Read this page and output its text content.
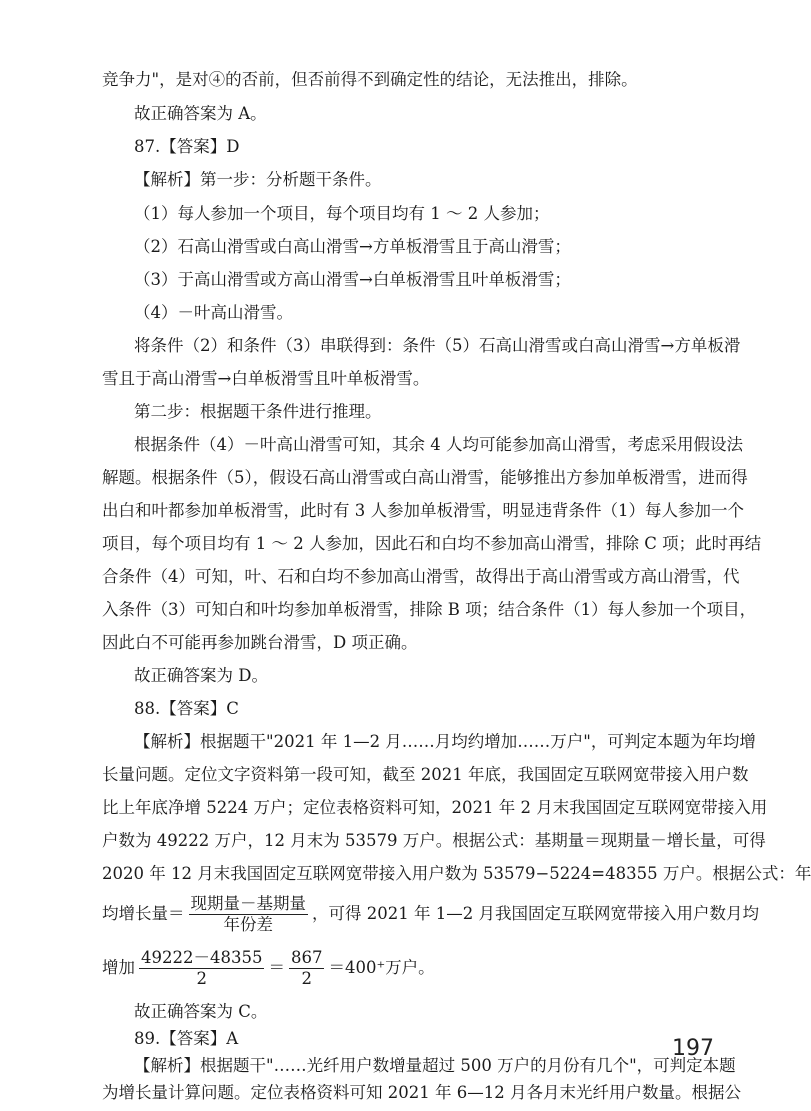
竞争力"，是对④的否前，但否前得不到确定性的结论，无法推出，排除。
故正确答案为 A。
87.【答案】D
【解析】第一步：分析题干条件。
（1）每人参加一个项目，每个项目均有 1 ～ 2 人参加；
（2）石高山滑雪或白高山滑雪→方单板滑雪且于高山滑雪；
（3）于高山滑雪或方高山滑雪→白单板滑雪且叶单板滑雪；
（4）－叶高山滑雪。
将条件（2）和条件（3）串联得到：条件（5）石高山滑雪或白高山滑雪→方单板滑
雪且于高山滑雪→白单板滑雪且叶单板滑雪。
第二步：根据题干条件进行推理。
根据条件（4）－叶高山滑雪可知，其余 4 人均可能参加高山滑雪，考虑采用假设法
解题。根据条件（5），假设石高山滑雪或白高山滑雪，能够推出方参加单板滑雪，进而得
出白和叶都参加单板滑雪，此时有 3 人参加单板滑雪，明显违背条件（1）每人参加一个
项目，每个项目均有 1 ～ 2 人参加，因此石和白均不参加高山滑雪，排除 C 项；此时再结
合条件（4）可知，叶、石和白均不参加高山滑雪，故得出于高山滑雪或方高山滑雪，代
入条件（3）可知白和叶均参加单板滑雪，排除 B 项；结合条件（1）每人参加一个项目，
因此白不可能再参加跳台滑雪，D 项正确。
故正确答案为 D。
88.【答案】C
【解析】根据题干"2021 年 1—2 月……月均约增加……万户"，可判定本题为年均增
长量问题。定位文字资料第一段可知，截至 2021 年底，我国固定互联网宽带接入用户数
比上年底净增 5224 万户；定位表格资料可知，2021 年 2 月末我国固定互联网宽带接入用
户数为 49222 万户，12 月末为 53579 万户。根据公式：基期量＝现期量－增长量，可得
2020 年 12 月末我国固定互联网宽带接入用户数为 53579−5224=48355 万户。根据公式：年
均增长量＝ $\frac{\text{现期量－基期量}}{\text{年份差}}$ ，可得 2021 年 1—2 月我国固定互联网宽带接入用户数月均
增加 $\frac{49222-48355}{2} = \frac{867}{2} =400^+$万户。
故正确答案为 C。
89.【答案】A
【解析】根据题干"……光纤用户数增量超过 500 万户的月份有几个"，可判定本题
为增长量计算问题。定位表格资料可知 2021 年 6—12 月各月末光纤用户数量。根据公
197
